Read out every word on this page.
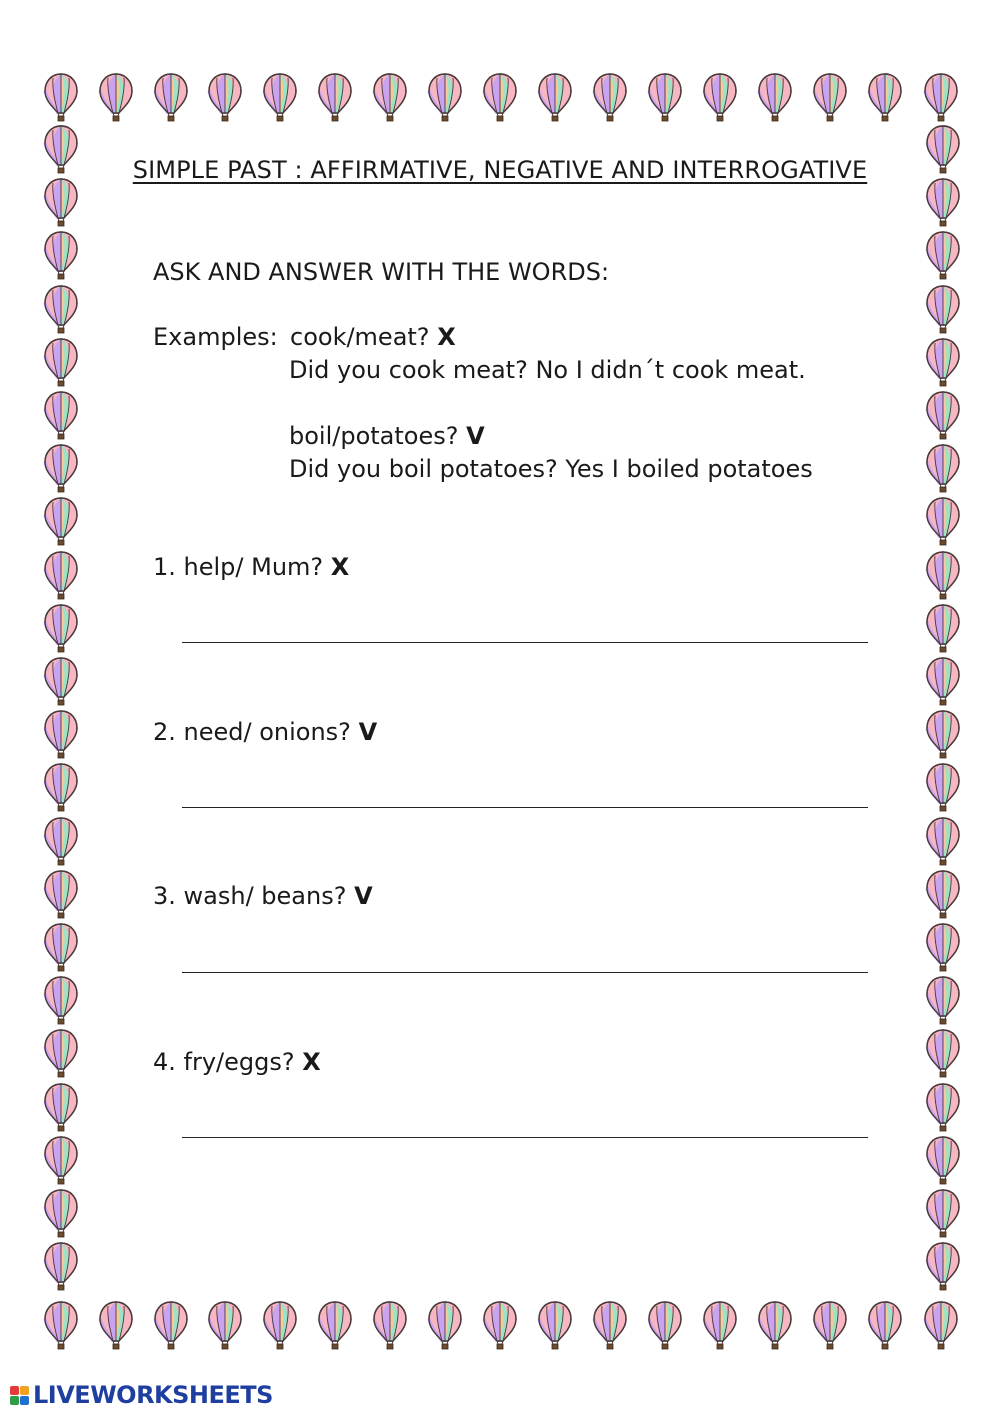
SIMPLE PAST : AFFIRMATIVE, NEGATIVE AND INTERROGATIVE
ASK AND ANSWER WITH THE WORDS:
Examples: cook/meat? X
Did you cook meat? No I didn´t cook meat.
boil/potatoes? V
Did you boil potatoes? Yes I boiled potatoes
1. help/ Mum? X
2. need/ onions? V
3. wash/ beans? V
4. fry/eggs? X
LIVEWORKSHEETS
